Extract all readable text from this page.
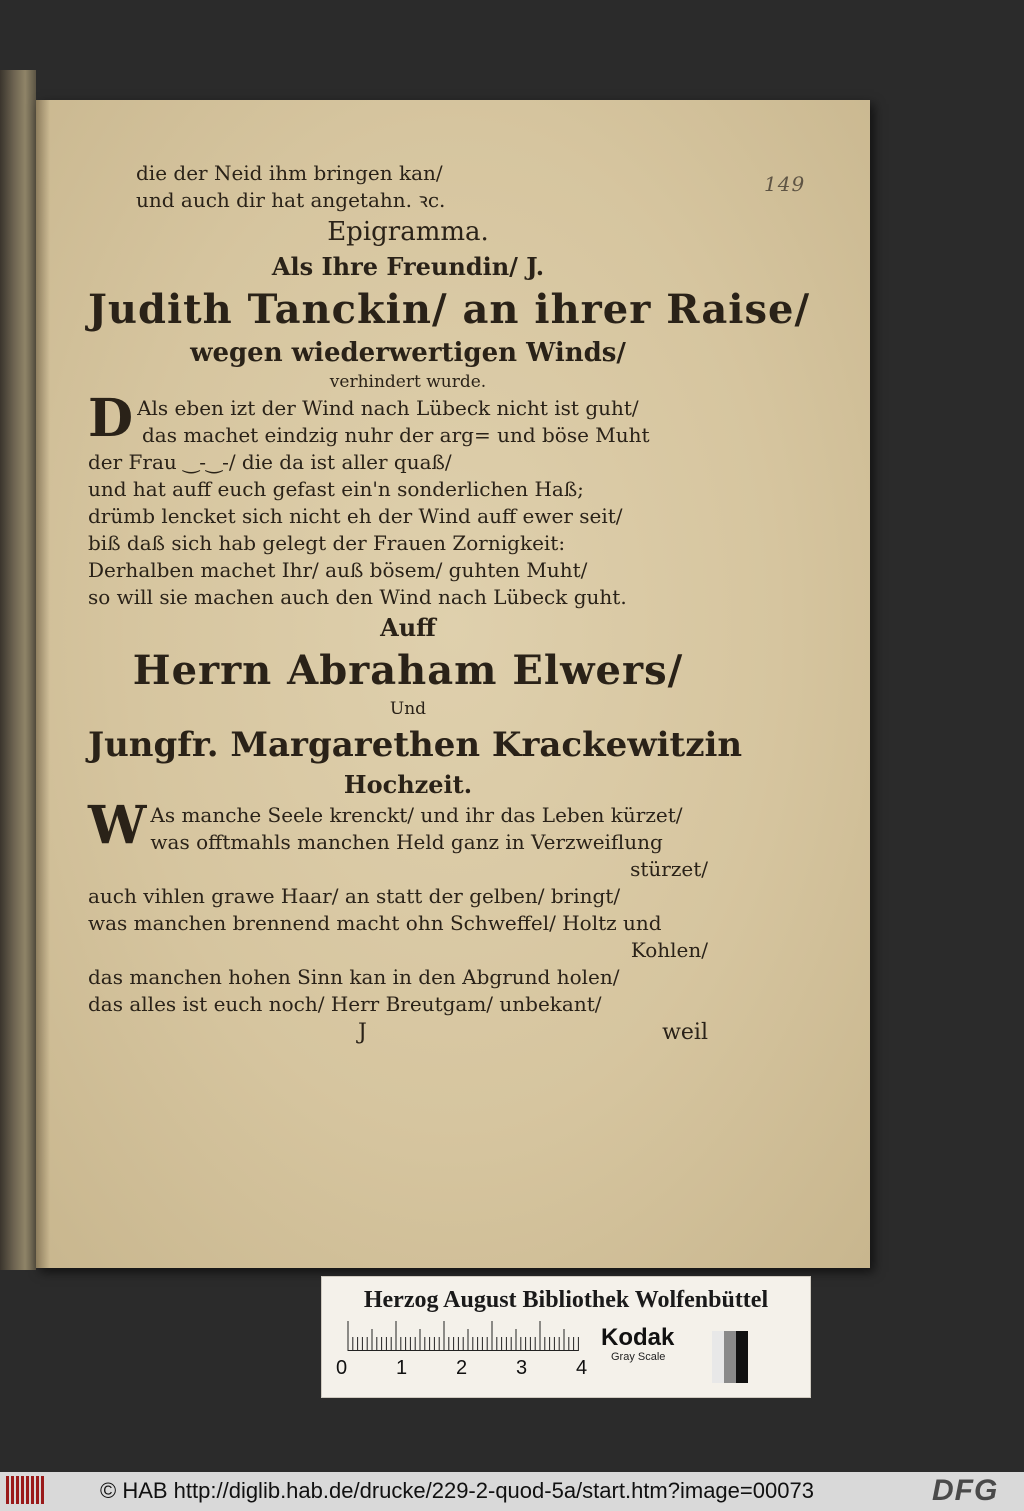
149

die der Neid ihm bringen kan/

und auch dir hat angetahn. ꝛc.

Epigramma.

Als Ihre Freundin/ J.

Judith Tanckin/ an ihrer Raise/

wegen wiederwertigen Winds/

verhindert wurde.

D Als eben izt der Wind nach Lübeck nicht ist guht/

das machet eindzig nuhr der arg= und böse Muht

der Frau ‿-‿-/ die da ist aller quaß/

und hat auff euch gefast ein'n sonderlichen Haß;

drümb lencket sich nicht eh der Wind auff ewer seit/

biß daß sich hab gelegt der Frauen Zornigkeit:

Derhalben machet Ihr/ auß bösem/ guhten Muht/

so will sie machen auch den Wind nach Lübeck guht.

Auff

Herrn Abraham Elwers/

Und

Jungfr. Margarethen Krackewitzin

Hochzeit.

W As manche Seele krenckt/ und ihr das Leben kürzet/

was offtmahls manchen Held ganz in Verzweiflung

stürzet/

auch vihlen grawe Haar/ an statt der gelben/ bringt/

was manchen brennend macht ohn Schweffel/ Holtz und

Kohlen/

das manchen hohen Sinn kan in den Abgrund holen/

das alles ist euch noch/ Herr Breutgam/ unbekant/

J	weil

Herzog August Bibliothek Wolfenbüttel
0 1 2 3 4
Kodak
Gray Scale
© HAB http://diglib.hab.de/drucke/229-2-quod-5a/start.htm?image=00073	DFG
